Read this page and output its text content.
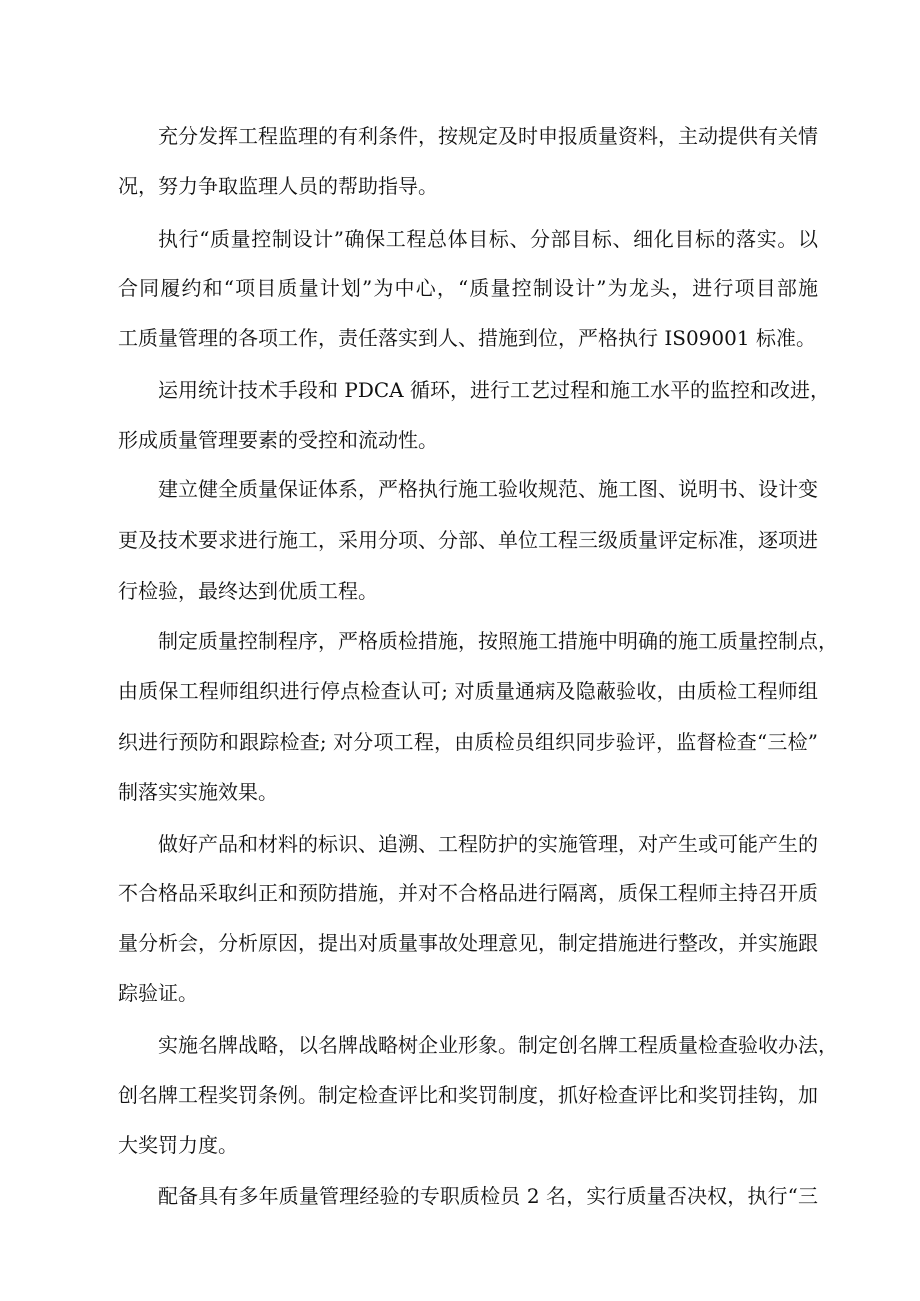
充分发挥工程监理的有利条件，按规定及时申报质量资料，主动提供有关情
况，努力争取监理人员的帮助指导。
执行“质量控制设计”确保工程总体目标、分部目标、细化目标的落实。以
合同履约和“项目质量计划”为中心，“质量控制设计”为龙头，进行项目部施
工质量管理的各项工作，责任落实到人、措施到位，严格执行 IS09001 标准。
运用统计技术手段和 PDCA 循环，进行工艺过程和施工水平的监控和改进，
形成质量管理要素的受控和流动性。
建立健全质量保证体系，严格执行施工验收规范、施工图、说明书、设计变
更及技术要求进行施工，采用分项、分部、单位工程三级质量评定标准，逐项进
行检验，最终达到优质工程。
制定质量控制程序，严格质检措施，按照施工措施中明确的施工质量控制点，
由质保工程师组织进行停点检查认可; 对质量通病及隐蔽验收，由质检工程师组
织进行预防和跟踪检查; 对分项工程，由质检员组织同步验评，监督检查“三检”
制落实实施效果。
做好产品和材料的标识、追溯、工程防护的实施管理，对产生或可能产生的
不合格品采取纠正和预防措施，并对不合格品进行隔离，质保工程师主持召开质
量分析会，分析原因，提出对质量事故处理意见，制定措施进行整改，并实施跟
踪验证。
实施名牌战略，以名牌战略树企业形象。制定创名牌工程质量检查验收办法，
创名牌工程奖罚条例。制定检查评比和奖罚制度，抓好检查评比和奖罚挂钩，加
大奖罚力度。
配备具有多年质量管理经验的专职质检员 2 名，实行质量否决权，执行“三
